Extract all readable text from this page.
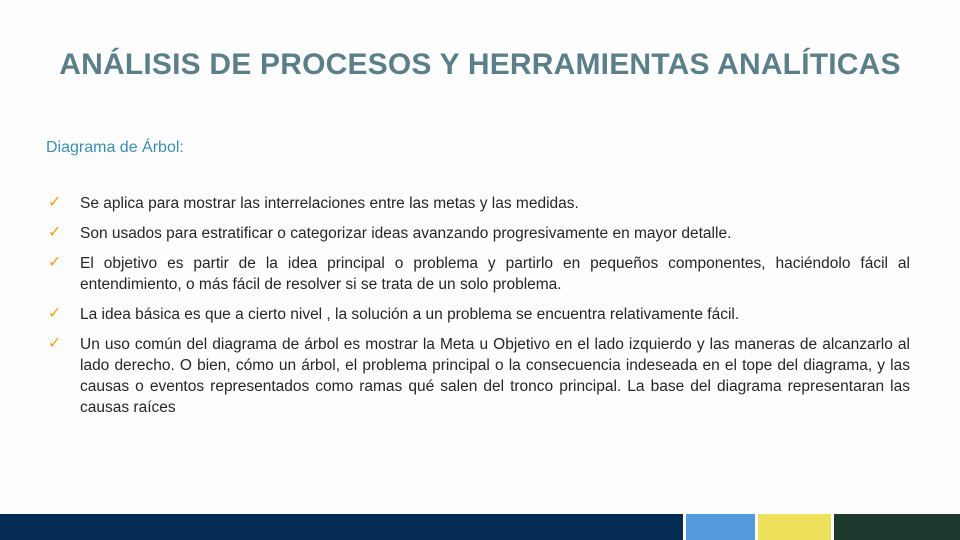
ANÁLISIS DE PROCESOS Y HERRAMIENTAS ANALÍTICAS
Diagrama de Árbol:
✓ Se aplica para mostrar las interrelaciones entre las metas y las medidas.
✓ Son usados para estratificar o categorizar ideas avanzando progresivamente en mayor detalle.
✓ El objetivo es partir de la idea principal o problema y partirlo en pequeños componentes, haciéndolo fácil al entendimiento, o más fácil de resolver si se trata de un solo problema.
✓ La idea básica es que a cierto nivel , la solución a un problema se encuentra relativamente fácil.
✓ Un uso común del diagrama de árbol es mostrar la Meta u Objetivo en el lado izquierdo y las maneras de alcanzarlo al lado derecho. O bien, cómo un árbol, el problema principal o la consecuencia indeseada en el tope del diagrama, y las causas o eventos representados como ramas qué salen del tronco principal. La base del diagrama representaran las causas raíces
